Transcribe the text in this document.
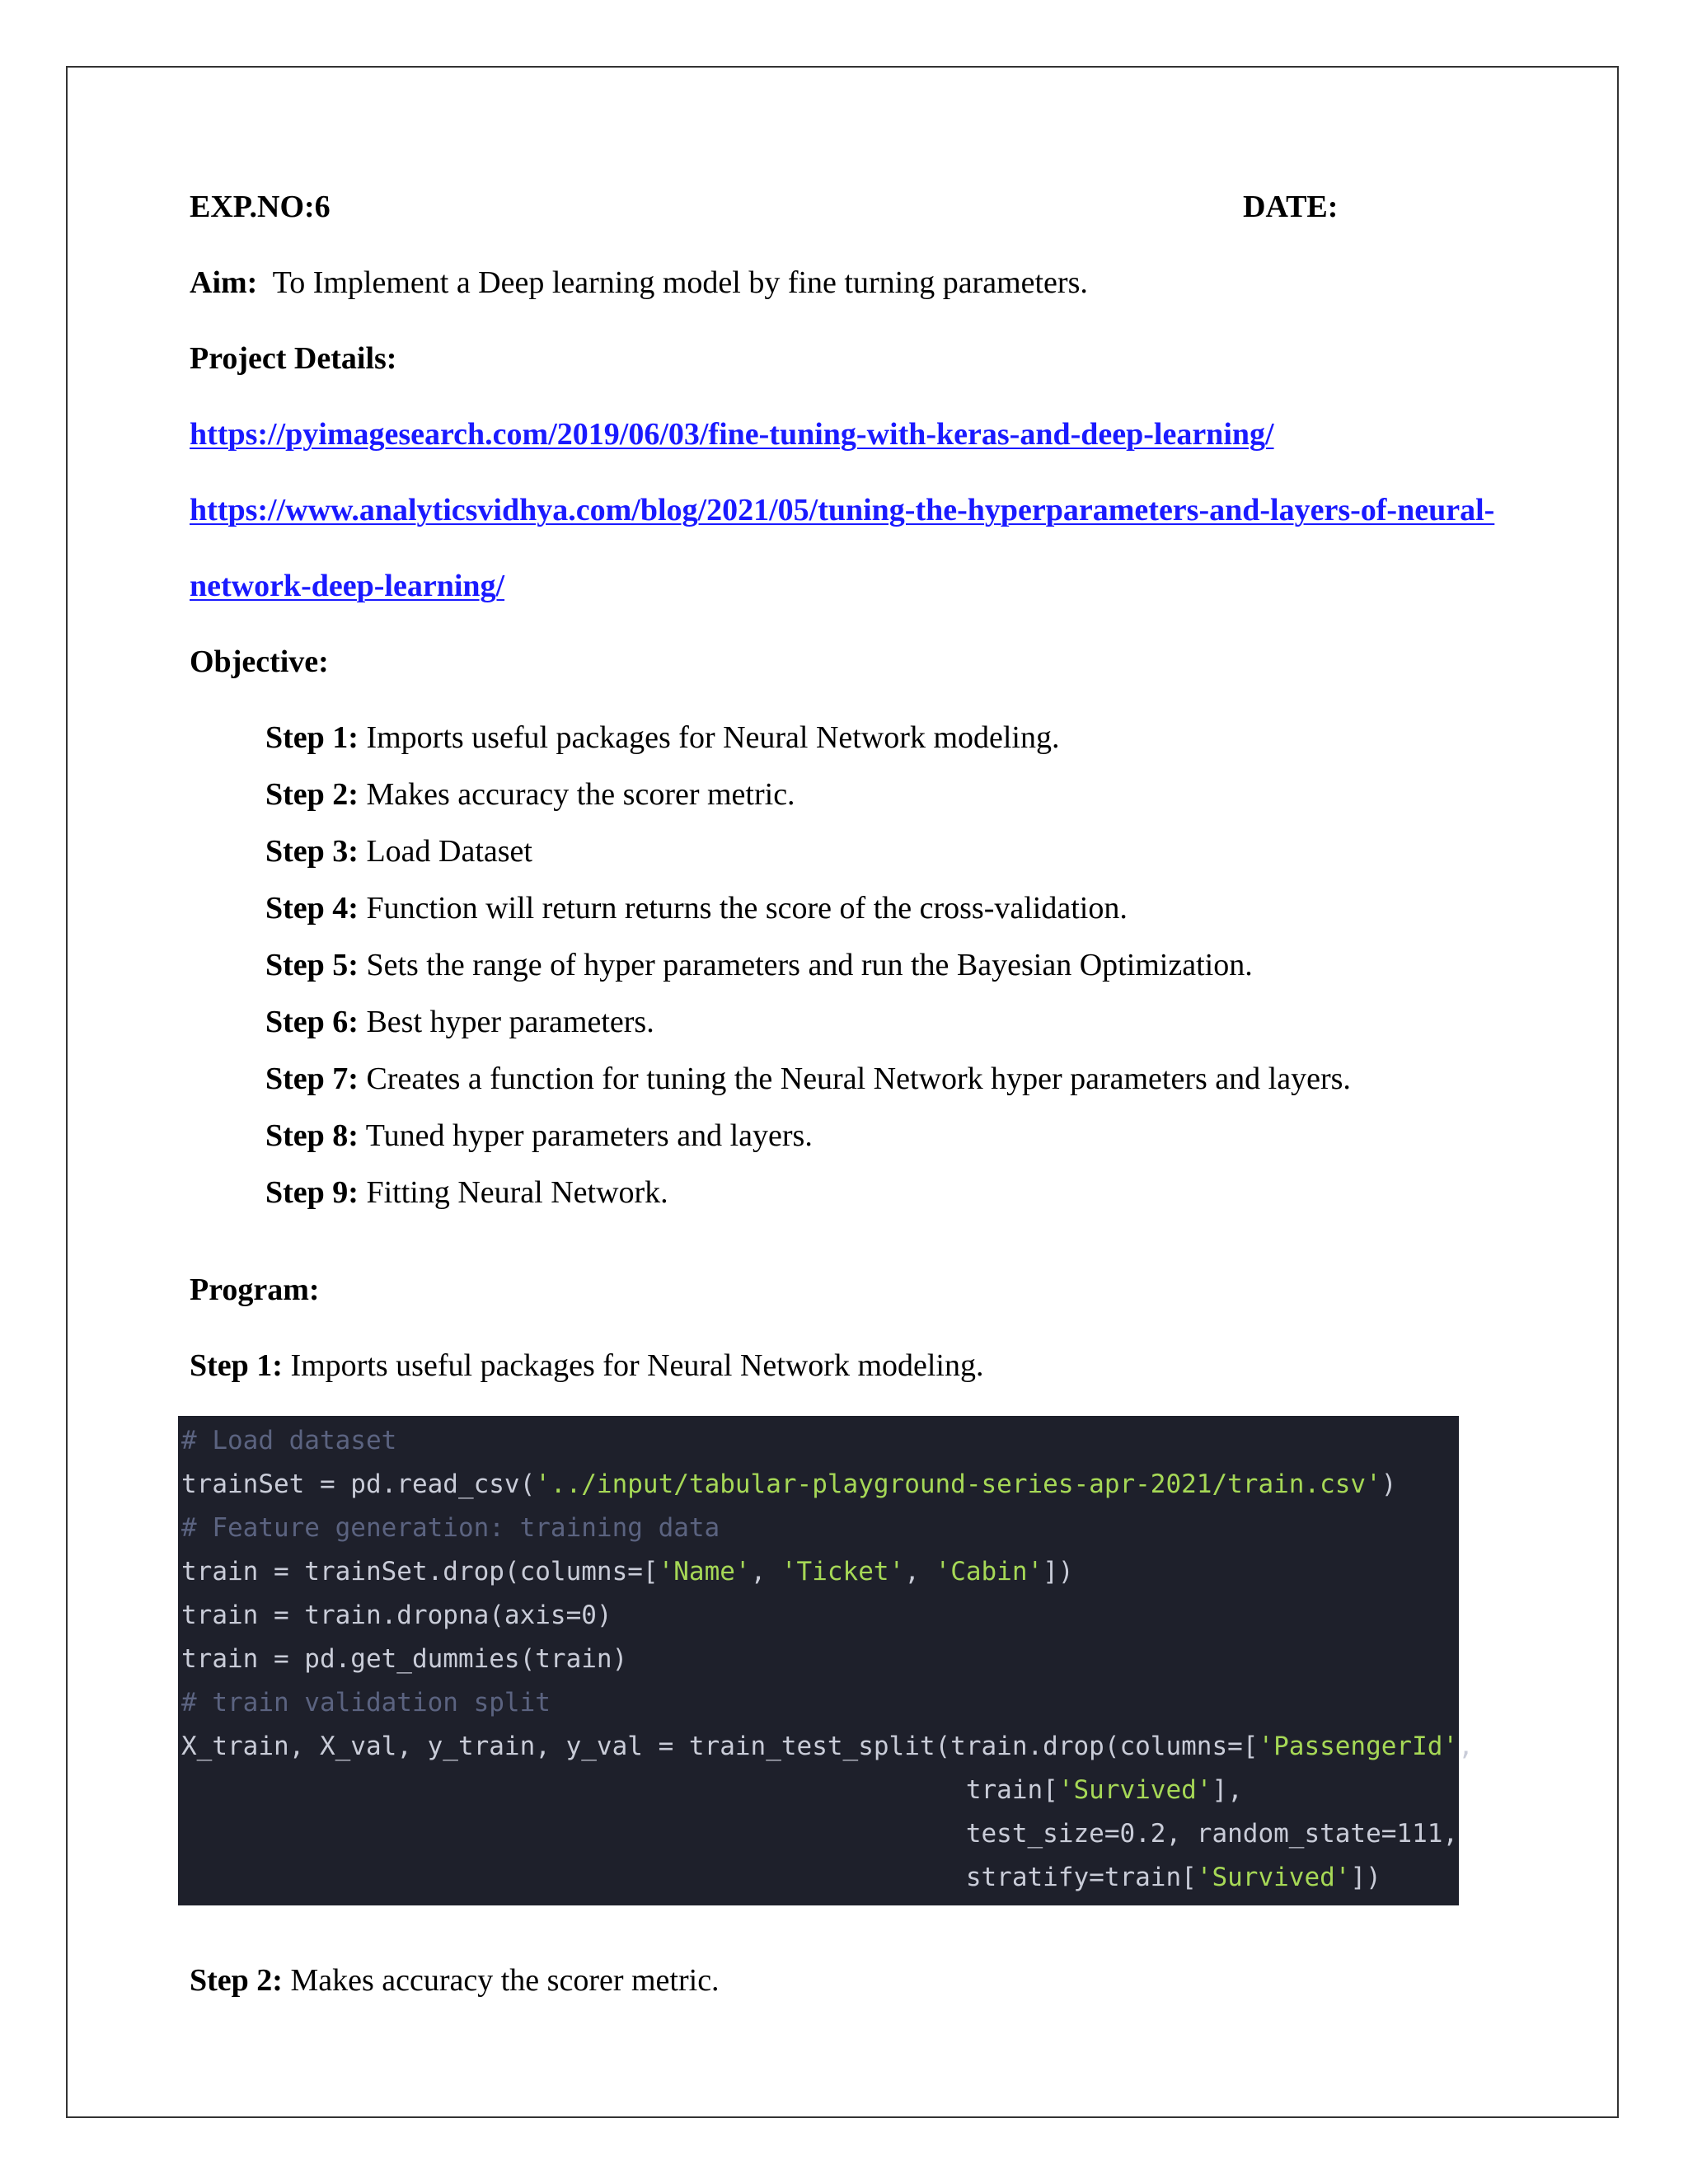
EXP.NO:6	DATE:
Aim: To Implement a Deep learning model by fine turning parameters.
Project Details:
https://pyimagesearch.com/2019/06/03/fine-tuning-with-keras-and-deep-learning/
https://www.analyticsvidhya.com/blog/2021/05/tuning-the-hyperparameters-and-layers-of-neural-
network-deep-learning/
Objective:
Step 1: Imports useful packages for Neural Network modeling.
Step 2: Makes accuracy the scorer metric.
Step 3: Load Dataset
Step 4: Function will return returns the score of the cross-validation.
Step 5: Sets the range of hyper parameters and run the Bayesian Optimization.
Step 6: Best hyper parameters.
Step 7: Creates a function for tuning the Neural Network hyper parameters and layers.
Step 8: Tuned hyper parameters and layers.
Step 9: Fitting Neural Network.
Program:
Step 1: Imports useful packages for Neural Network modeling.
# Load dataset
trainSet = pd.read_csv('../input/tabular-playground-series-apr-2021/train.csv')
# Feature generation: training data
train = trainSet.drop(columns=['Name', 'Ticket', 'Cabin'])
train = train.dropna(axis=0)
train = pd.get_dummies(train)
# train validation split
X_train, X_val, y_train, y_val = train_test_split(train.drop(columns=['PassengerId',
train['Survived'],
test_size=0.2, random_state=111,
stratify=train['Survived'])
Step 2: Makes accuracy the scorer metric.
